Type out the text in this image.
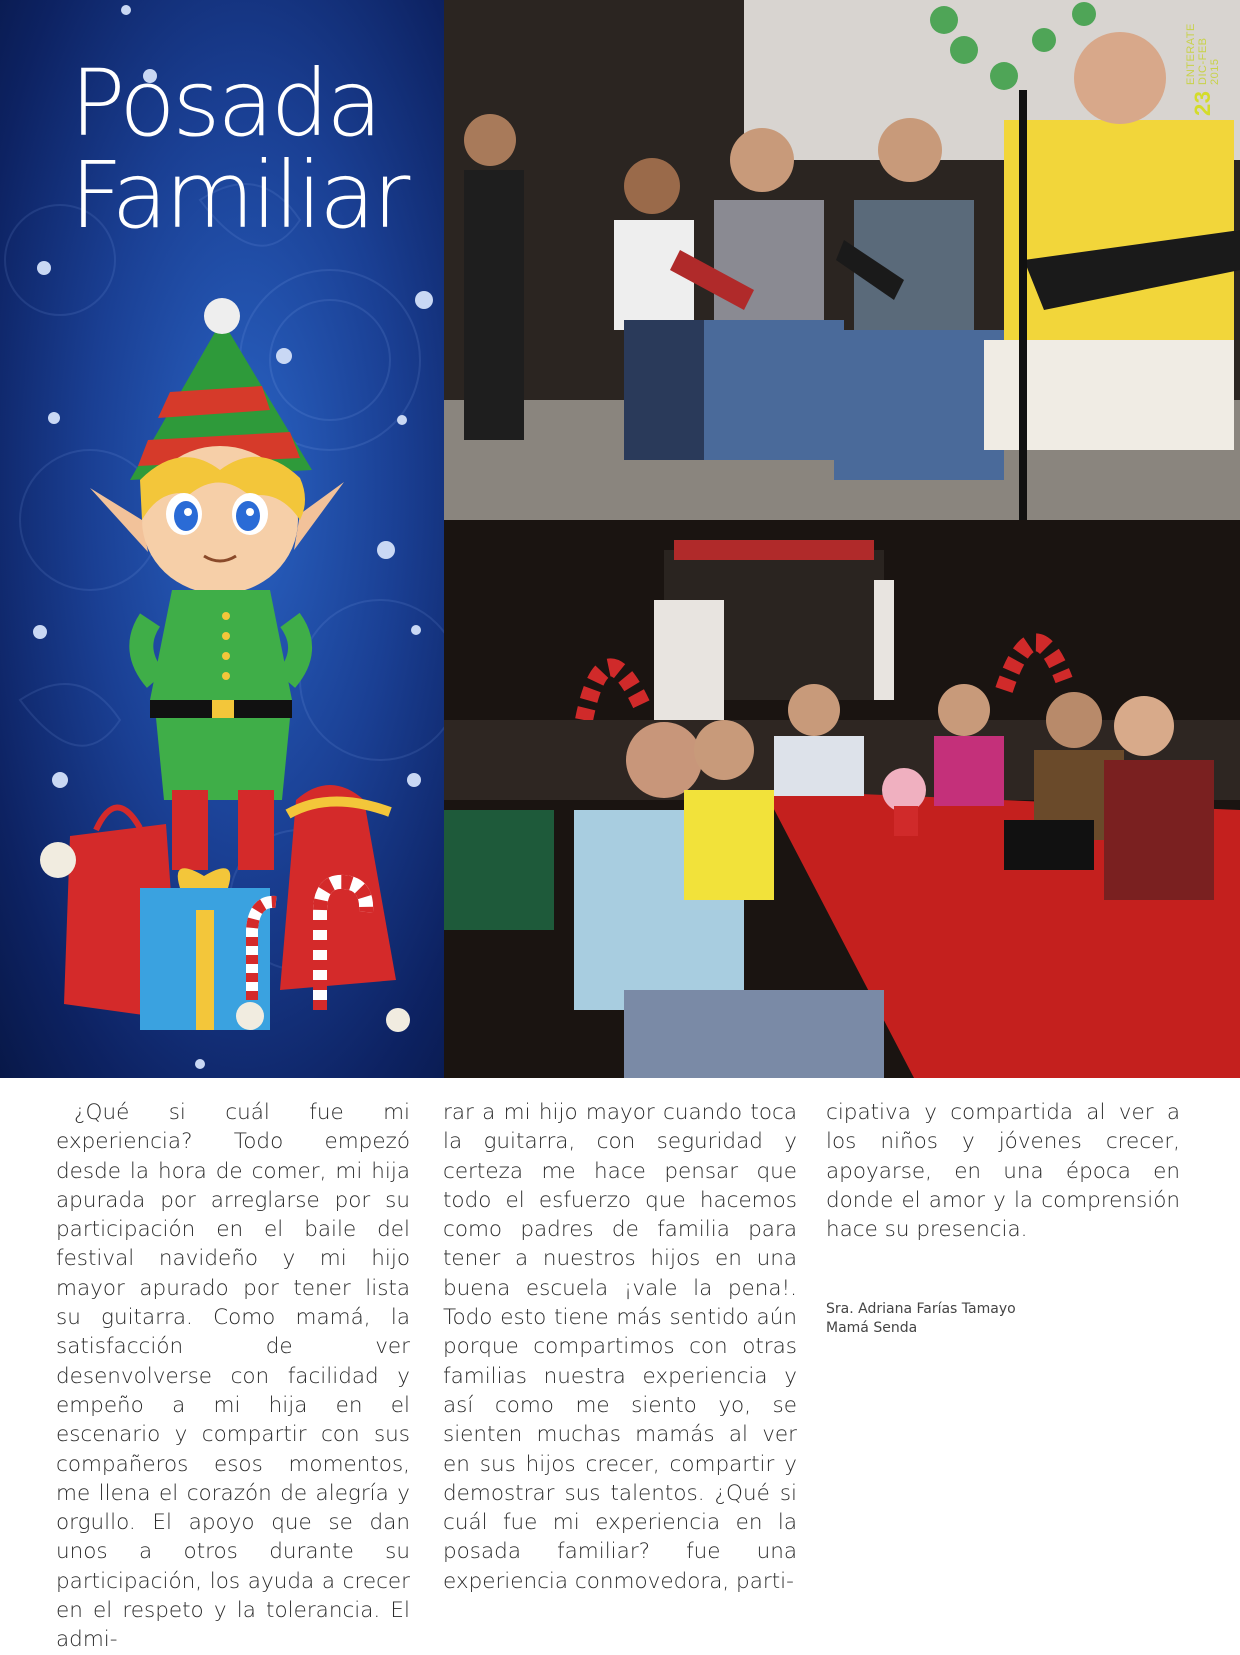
Posada
Familiar
23
ENTERATE DIC-FEB 2015

¿Qué si cuál fue mi experiencia? Todo empezó desde la hora de comer, mi hija apurada por arreglarse por su participación en el baile del festival navideño y mi hijo mayor apurado por tener lista su guitarra. Como mamá, la satisfacción de ver desenvolverse con facilidad y empeño a mi hija en el escenario y compartir con sus compañeros esos momentos, me llena el corazón de alegría y orgullo. El apoyo que se dan unos a otros durante su participación, los ayuda a crecer en el respeto y la tolerancia. El admi-

rar a mi hijo mayor cuando toca la guitarra, con seguridad y certeza me hace pensar que todo el esfuerzo que hacemos como padres de familia para tener a nuestros hijos en una buena escuela ¡vale la pena!. Todo esto tiene más sentido aún porque compartimos con otras familias nuestra experiencia y así como me siento yo, se sienten muchas mamás al ver en sus hijos crecer, compartir y demostrar sus talentos. ¿Qué si cuál fue mi experiencia en la posada familiar? fue una experiencia conmovedora, parti-

cipativa y compartida al ver a los niños y jóvenes crecer, apoyarse, en una época en donde el amor y la comprensión hace su presencia.

Sra. Adriana Farías Tamayo
Mamá Senda
